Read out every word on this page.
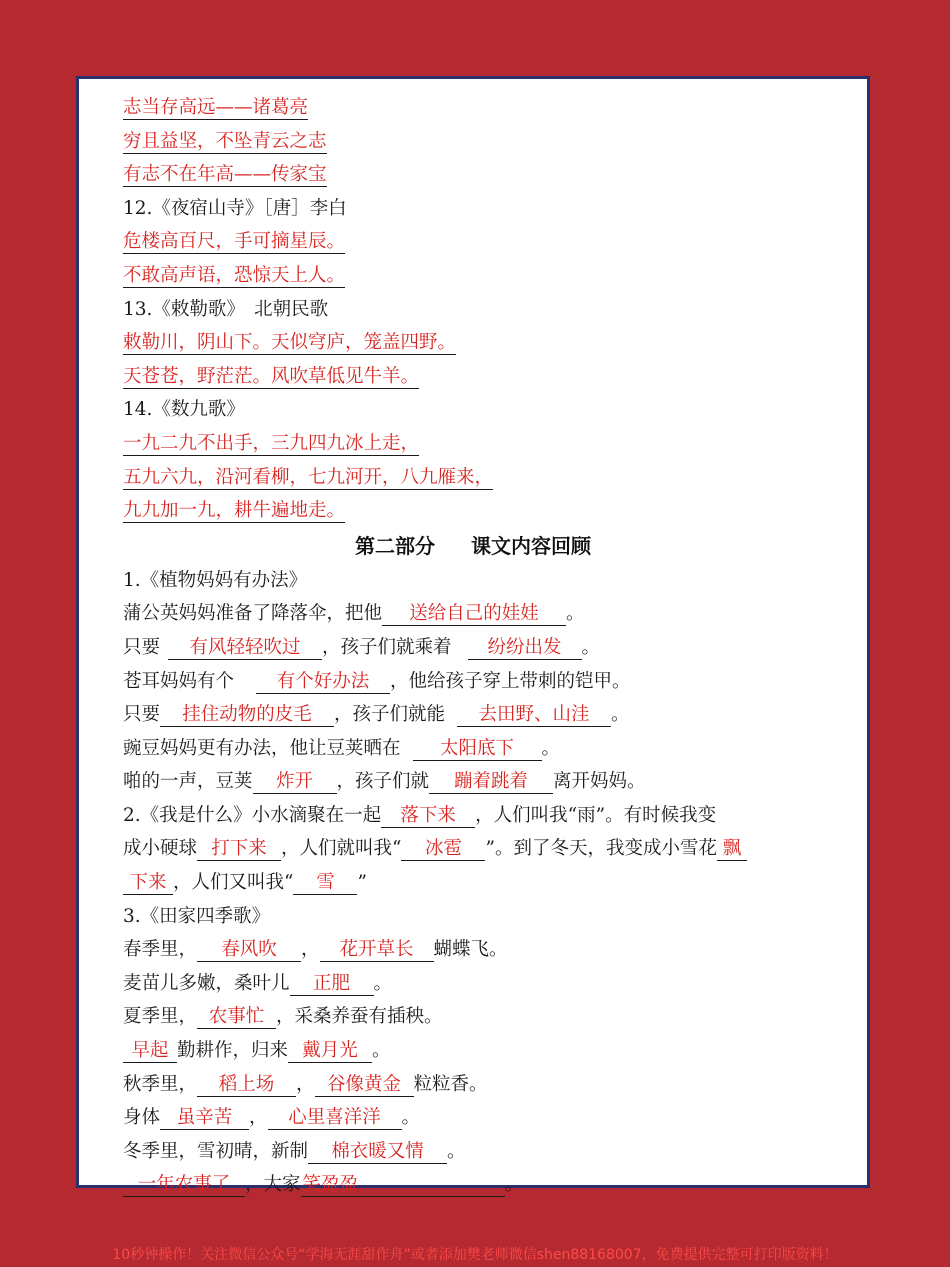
志当存高远——诸葛亮
穷且益坚，不坠青云之志
有志不在年高——传家宝
12.《夜宿山寺》［唐］李白
危楼高百尺，手可摘星辰。
不敢高声语，恐惊天上人。
13.《敕勒歌》　北朝民歌
敕勒川，阴山下。天似穹庐，笼盖四野。
天苍苍，野茫茫。风吹草低见牛羊。
14.《数九歌》
一九二九不出手，三九四九冰上走，
五九六九，沿河看柳，七九河开，八九雁来，
九九加一九，耕牛遍地走。
第二部分 课文内容回顾
1.《植物妈妈有办法》
蒲公英妈妈准备了降落伞，把他 送给自己的娃娃 。
只要 有风轻轻吹过 ，孩子们就乘着 纷纷出发 。
苍耳妈妈有个 有个好办法 ，他给孩子穿上带刺的铠甲。
只要 挂住动物的皮毛 ，孩子们就能 去田野、山洼 。
豌豆妈妈更有办法，他让豆荚晒在 太阳底下 。
啪的一声，豆荚 炸开 ，孩子们就 蹦着跳着 离开妈妈。
2.《我是什么》小水滴聚在一起 落下来 ，人们叫我“雨”。有时候我变
成小硬球 打下来 ，人们就叫我“ 冰雹 ”。到了冬天，我变成小雪花 飘
下来 ，人们又叫我“ 雪 ”
3.《田家四季歌》
春季里， 春风吹 ， 花开草长 蝴蝶飞。
麦苗儿多嫩，桑叶儿 正肥 。
夏季里， 农事忙 ，采桑养蚕有插秧。
早起 勤耕作，归来 戴月光 。
秋季里， 稻上场 ， 谷像黄金 粒粒香。
身体 虽辛苦 ， 心里喜洋洋 。
冬季里，雪初晴，新制 棉衣暖又情 。
一年农事了 ，大家 笑盈盈	。
10秒钟操作！关注微信公众号“学海无涯甜作舟”或者添加樊老师微信shen88168007，免费提供完整可打印版资料！
